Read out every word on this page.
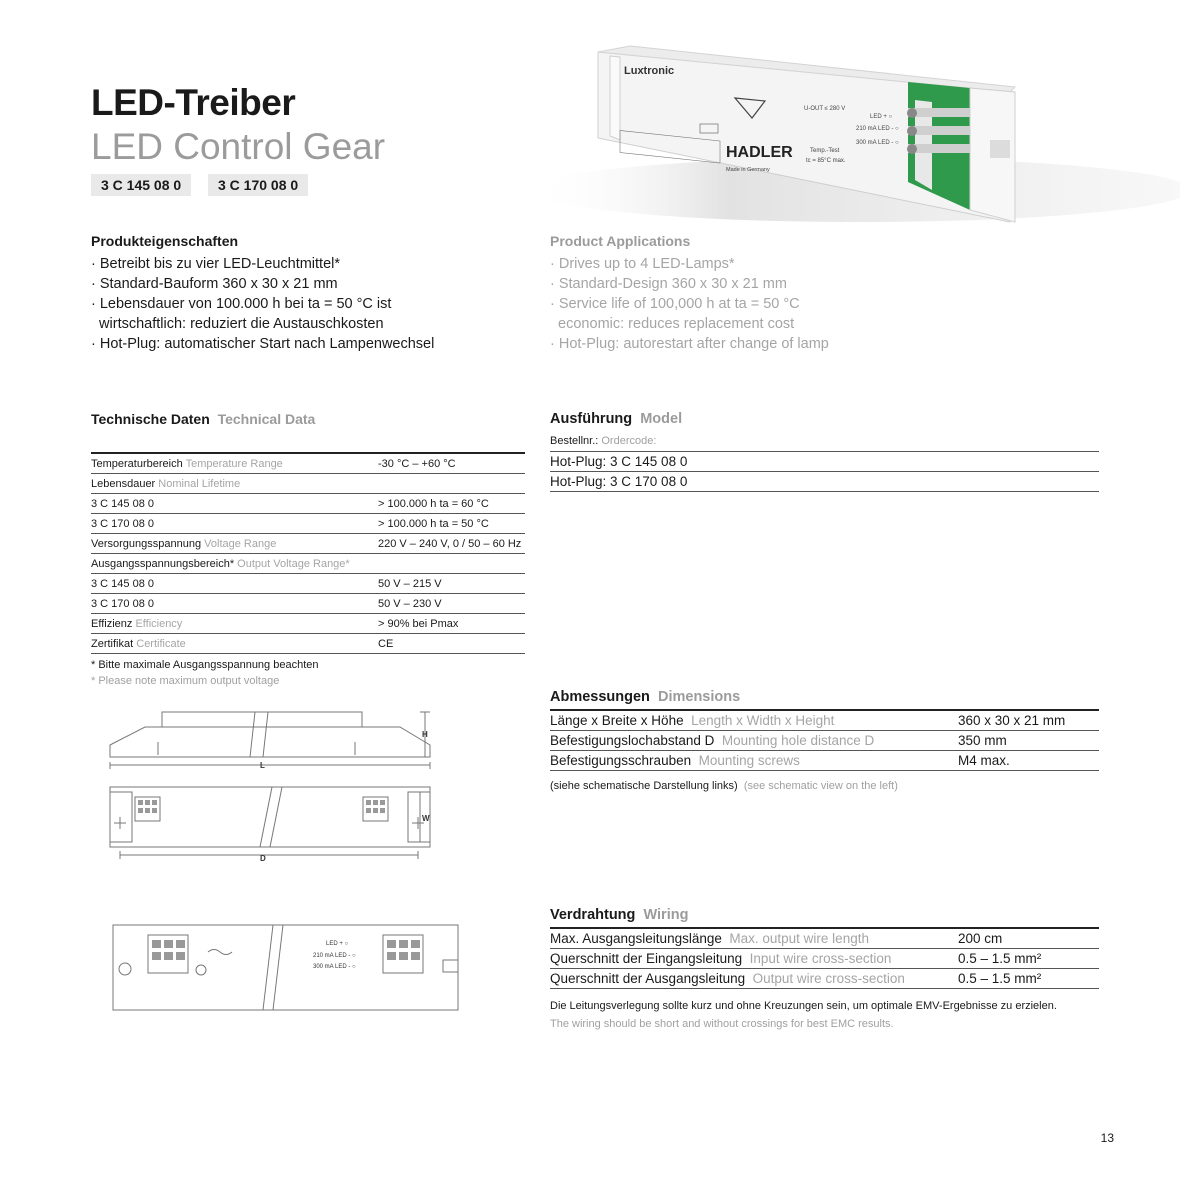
LED-Treiber
LED Control Gear
3 C 145 08 0	3 C 170 08 0
Luxtronic
HADLER
Made in Germany
U-OUT ≤ 280 V
LED + ○
210 mA LED - ○
300 mA LED - ○
Temp.-Test
tc = 85°C max.
Produkteigenschaften
· Betreibt bis zu vier LED-Leuchtmittel*
· Standard-Bauform 360 x 30 x 21 mm
· Lebensdauer von 100.000 h bei ta = 50 °C ist
wirtschaftlich: reduziert die Austauschkosten
· Hot-Plug: automatischer Start nach Lampenwechsel
Product Applications
· Drives up to 4 LED-Lamps*
· Standard-Design 360 x 30 x 21 mm
· Service life of 100,000 h at ta = 50 °C
economic: reduces replacement cost
· Hot-Plug: autorestart after change of lamp
Technische Daten Technical Data
Temperaturbereich Temperature Range	-30 °C – +60 °C
Lebensdauer Nominal Lifetime	
3 C 145 08 0	> 100.000 h ta = 60 °C
3 C 170 08 0	> 100.000 h ta = 50 °C
Versorgungsspannung Voltage Range	220 V – 240 V, 0 / 50 – 60 Hz
Ausgangsspannungsbereich* Output Voltage Range*	
3 C 145 08 0	50 V – 215 V
3 C 170 08 0	50 V – 230 V
Effizienz Efficiency	> 90% bei Pmax
Zertifikat Certificate	CE
* Bitte maximale Ausgangsspannung beachten
* Please note maximum output voltage
H
L
W
D
LED + ○
210 mA LED - ○
300 mA LED - ○
Ausführung Model
Bestellnr.: Ordercode:
Hot-Plug: 3 C 145 08 0
Hot-Plug: 3 C 170 08 0
Abmessungen Dimensions
Länge x Breite x Höhe Length x Width x Height	360 x 30 x 21 mm
Befestigungslochabstand D Mounting hole distance D	350 mm
Befestigungsschrauben Mounting screws	M4 max.
(siehe schematische Darstellung links) (see schematic view on the left)
Verdrahtung Wiring
Max. Ausgangsleitungslänge Max. output wire length	200 cm
Querschnitt der Eingangsleitung Input wire cross-section	0.5 – 1.5 mm²
Querschnitt der Ausgangsleitung Output wire cross-section	0.5 – 1.5 mm²
Die Leitungsverlegung sollte kurz und ohne Kreuzungen sein, um optimale EMV-Ergebnisse zu erzielen.
The wiring should be short and without crossings for best EMC results.
13
